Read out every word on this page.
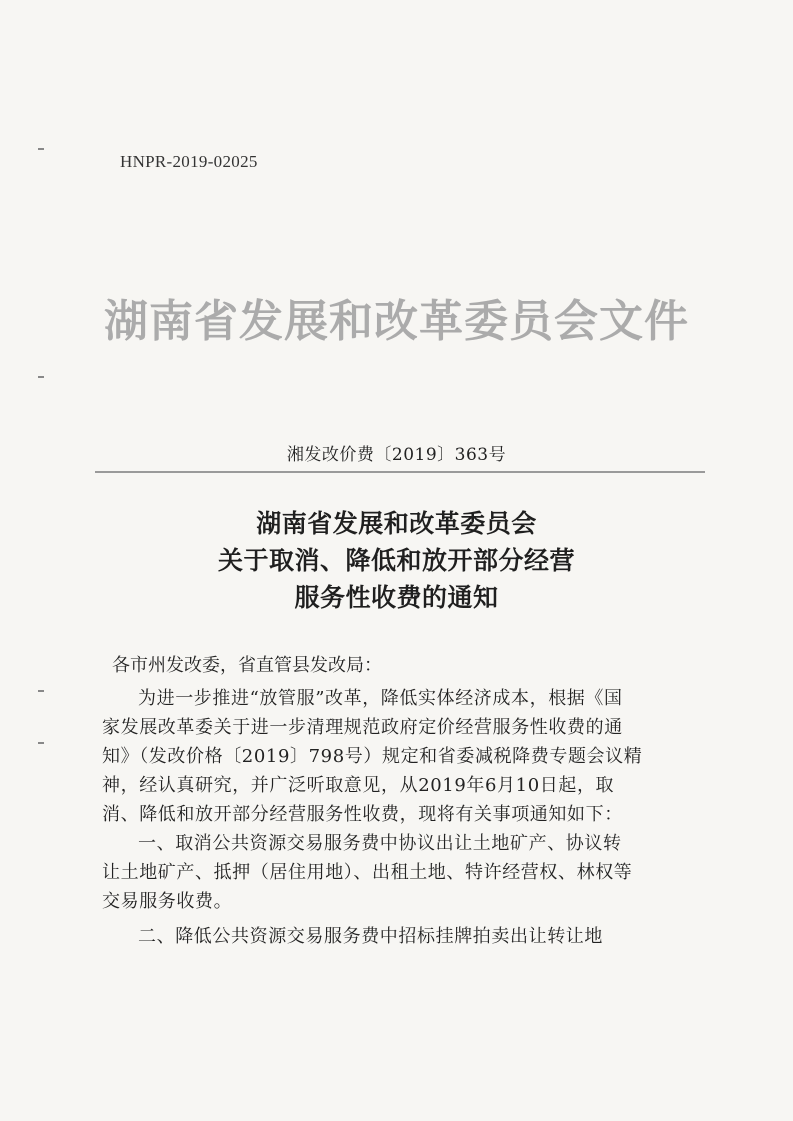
HNPR-2019-02025
湖南省发展和改革委员会文件
湘发改价费〔2019〕363号
湖南省发展和改革委员会
关于取消、降低和放开部分经营
服务性收费的通知
各市州发改委，省直管县发改局：
为进一步推进“放管服”改革，降低实体经济成本，根据《国
家发展改革委关于进一步清理规范政府定价经营服务性收费的通
知》（发改价格〔2019〕798号）规定和省委减税降费专题会议精
神，经认真研究，并广泛听取意见，从2019年6月10日起，取
消、降低和放开部分经营服务性收费，现将有关事项通知如下：
一、取消公共资源交易服务费中协议出让土地矿产、协议转
让土地矿产、抵押（居住用地）、出租土地、特许经营权、林权等
交易服务收费。
二、降低公共资源交易服务费中招标挂牌拍卖出让转让地
